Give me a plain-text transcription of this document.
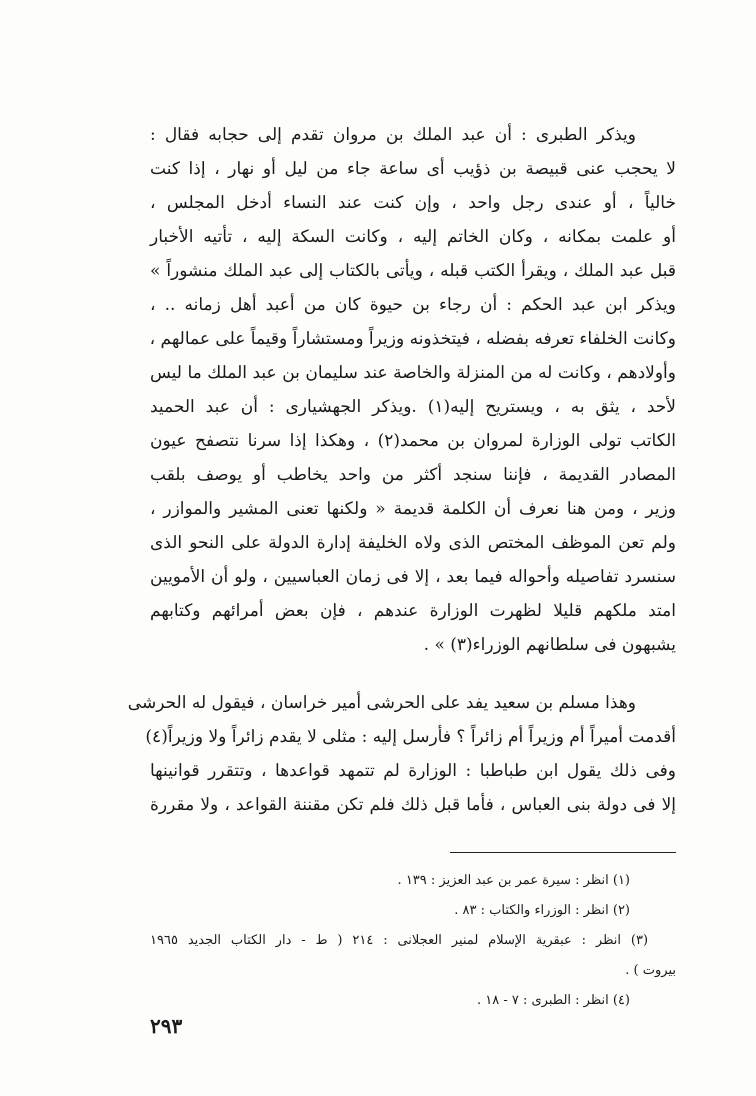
ويذكر الطبرى : أن عبد الملك بن مروان تقدم إلى حجابه فقال :
لا يحجب عنى قبيصة بن ذؤيب أى ساعة جاء من ليل أو نهار ، إذا كنت
خالياً ، أو عندى رجل واحد ، وإن كنت عند النساء أدخل المجلس ،
أو علمت بمكانه ، وكان الخاتم إليه ، وكانت السكة إليه ، تأتيه الأخبار
قبل عبد الملك ، ويقرأ الكتب قبله ، ويأتى بالكتاب إلى عبد الملك منشوراً »
ويذكر ابن عبد الحكم : أن رجاء بن حيوة كان من أعبد أهل زمانه .. ،
وكانت الخلفاء تعرفه بفضله ، فيتخذونه وزيراً ومستشاراً وقيماً على عمالهم ،
وأولادهم ، وكانت له من المنزلة والخاصة عند سليمان بن عبد الملك ما ليس
لأحد ، يثق به ، ويستريح إليه(١) .ويذكر الجهشيارى : أن عبد الحميد
الكاتب تولى الوزارة لمروان بن محمد(٢) ، وهكذا إذا سرنا نتصفح عيون
المصادر القديمة ، فإننا سنجد أكثر من واحد يخاطب أو يوصف بلقب
وزير ، ومن هنا نعرف أن الكلمة قديمة « ولكنها تعنى المشير والموازر ،
ولم تعن الموظف المختص الذى ولاه الخليفة إدارة الدولة على النحو الذى
سنسرد تفاصيله وأحواله فيما بعد ، إلا فى زمان العباسيين ، ولو أن الأمويين
امتد ملكهم قليلا لظهرت الوزارة عندهم ، فإن بعض أمرائهم وكتابهم
يشبهون فى سلطانهم الوزراء(٣) » .
وهذا مسلم بن سعيد يفد على الحرشى أمير خراسان ، فيقول له الحرشى
أقدمت أميراً أم وزيراً أم زائراً ؟ فأرسل إليه : مثلى لا يقدم زائراً ولا وزيراً(٤)
وفى ذلك يقول ابن طباطبا : الوزارة لم تتمهد قواعدها ، وتتقرر قوانينها
إلا فى دولة بنى العباس ، فأما قبل ذلك فلم تكن مقننة القواعد ، ولا مقررة
(١) انظر : سيرة عمر بن عبد العزيز : ١٣٩ .
(٢) انظر : الوزراء والكتاب : ٨٣ .
(٣) انظر : عبقرية الإسلام لمنير العجلانى : ٢١٤ ( ط - دار الكتاب الجديد ١٩٦٥
بيروت ) .
(٤) انظر : الطبرى : ٧ - ١٨ .
٢٩٣
